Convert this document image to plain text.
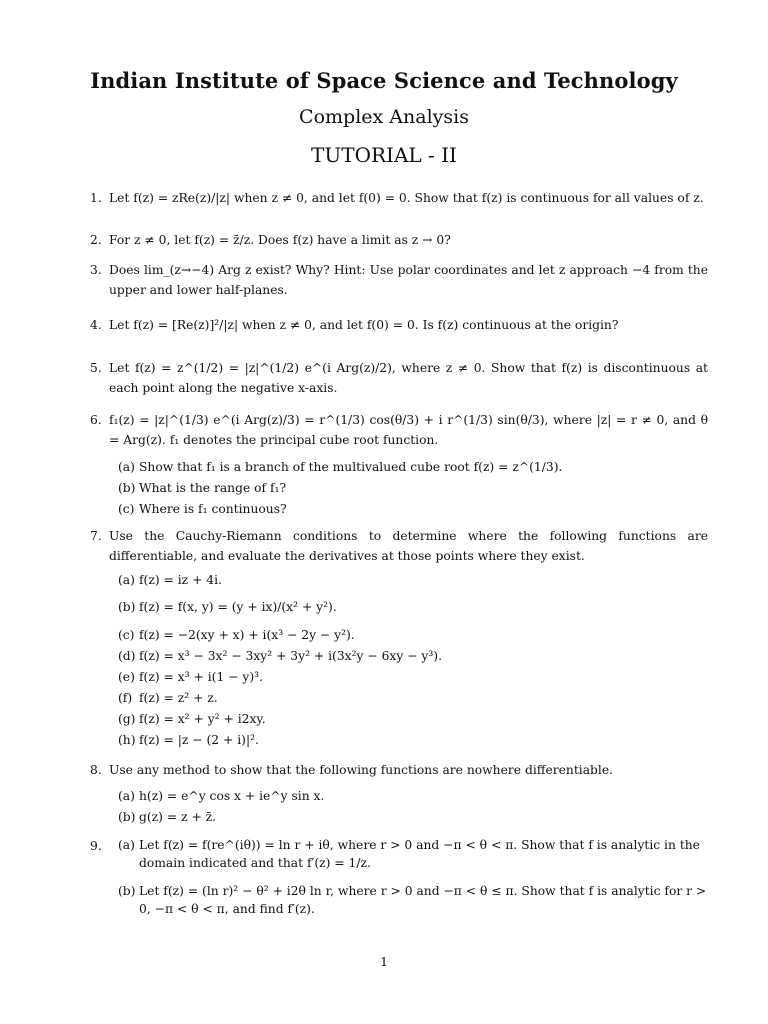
Indian Institute of Space Science and Technology
Complex Analysis
TUTORIAL - II
1. Let f(z) = zRe(z)/|z| when z ≠ 0, and let f(0) = 0. Show that f(z) is continuous for all values of z.
2. For z ≠ 0, let f(z) = z̄/z. Does f(z) have a limit as z → 0?
3. Does lim_(z→−4) Arg z exist? Why? Hint: Use polar coordinates and let z approach −4 from the upper and lower half-planes.
4. Let f(z) = [Re(z)]²/|z| when z ≠ 0, and let f(0) = 0. Is f(z) continuous at the origin?
5. Let f(z) = z^(1/2) = |z|^(1/2) e^(i Arg(z)/2), where z ≠ 0. Show that f(z) is discontinuous at each point along the negative x-axis.
6. f₁(z) = |z|^(1/3) e^(i Arg(z)/3) = r^(1/3) cos(θ/3) + i r^(1/3) sin(θ/3), where |z| = r ≠ 0, and θ = Arg(z). f₁ denotes the principal cube root function.
(a) Show that f₁ is a branch of the multivalued cube root f(z) = z^(1/3).
(b) What is the range of f₁?
(c) Where is f₁ continuous?
7. Use the Cauchy-Riemann conditions to determine where the following functions are differentiable, and evaluate the derivatives at those points where they exist.
(a) f(z) = iz + 4i.
(b) f(z) = f(x, y) = (y + ix)/(x² + y²).
(c) f(z) = −2(xy + x) + i(x³ − 2y − y²).
(d) f(z) = x³ − 3x² − 3xy² + 3y² + i(3x²y − 6xy − y³).
(e) f(z) = x³ + i(1 − y)³.
(f) f(z) = z² + z.
(g) f(z) = x² + y² + i2xy.
(h) f(z) = |z − (2 + i)|².
8. Use any method to show that the following functions are nowhere differentiable.
(a) h(z) = e^y cos x + ie^y sin x.
(b) g(z) = z + z̄.
9. (a) Let f(z) = f(re^(iθ)) = ln r + iθ, where r > 0 and −π < θ < π. Show that f is analytic in the domain indicated and that f′(z) = 1/z.
(b) Let f(z) = (ln r)² − θ² + i2θ ln r, where r > 0 and −π < θ ≤ π. Show that f is analytic for r > 0, −π < θ < π, and find f′(z).
1
